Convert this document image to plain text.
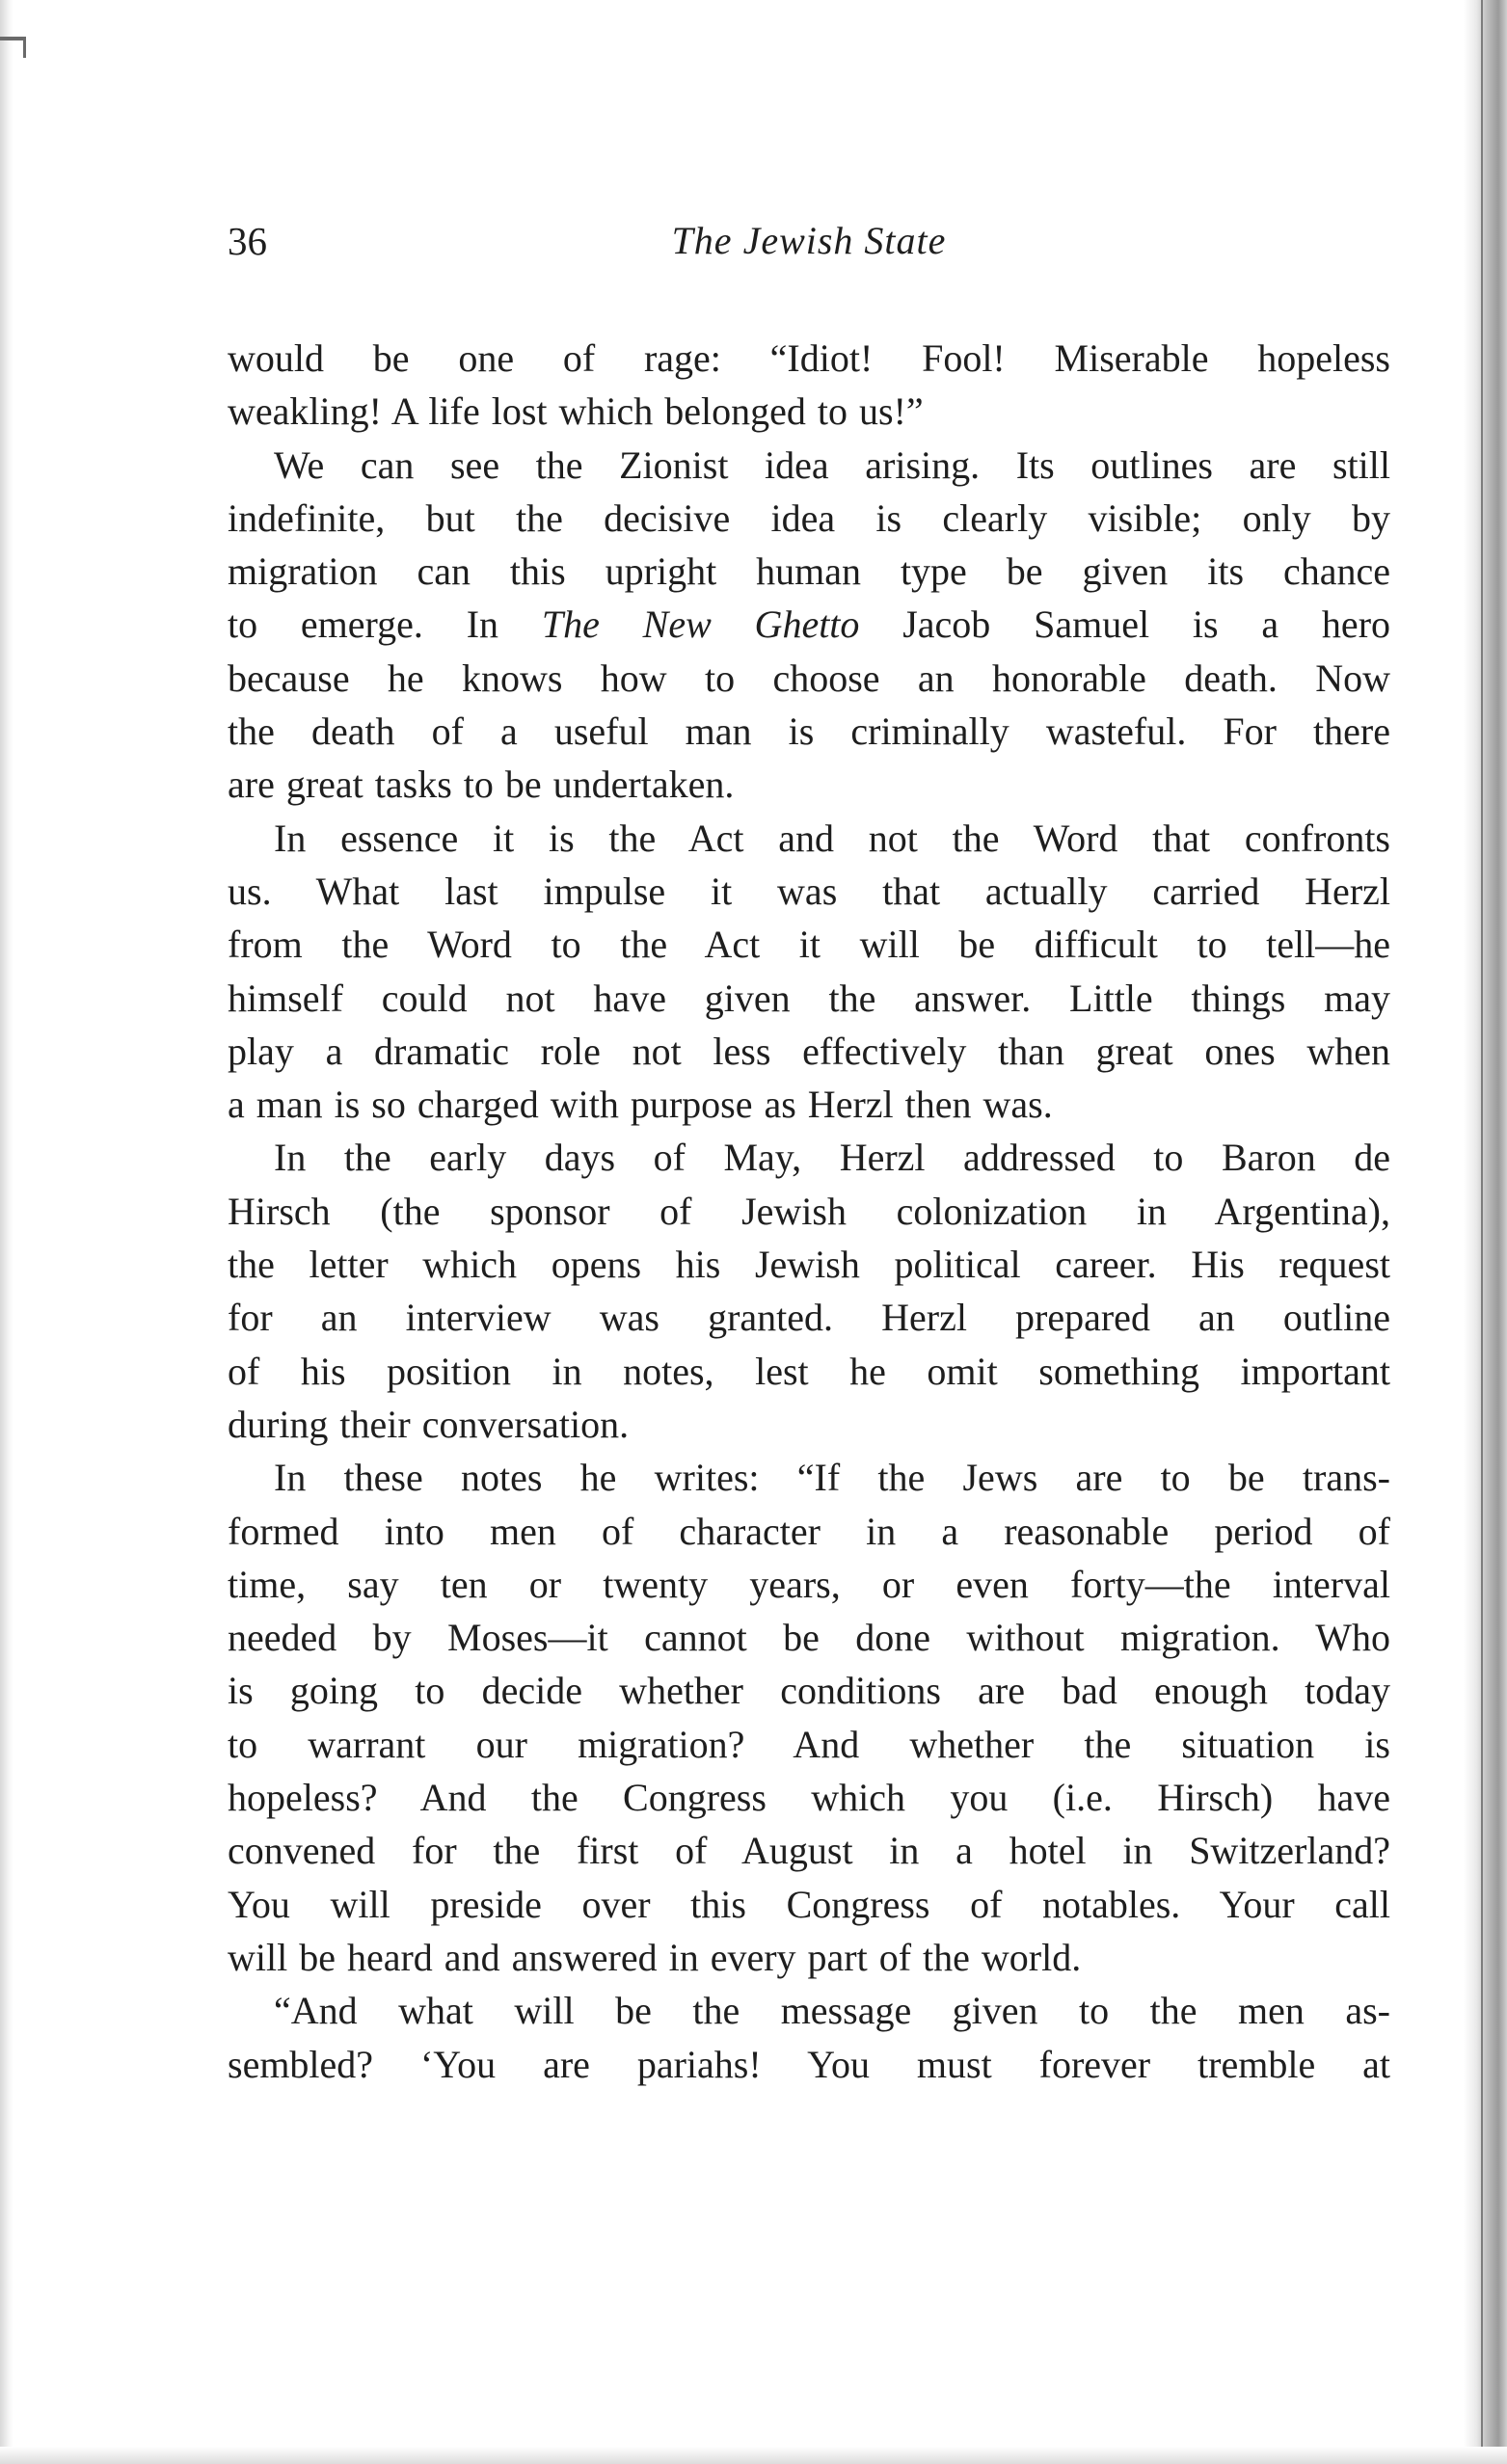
36	The Jewish State
would be one of rage: “Idiot! Fool! Miserable hopeless
weakling! A life lost which belonged to us!”
We can see the Zionist idea arising. Its outlines are still
indefinite, but the decisive idea is clearly visible; only by
migration can this upright human type be given its chance
to emerge. In The New Ghetto Jacob Samuel is a hero
because he knows how to choose an honorable death. Now
the death of a useful man is criminally wasteful. For there
are great tasks to be undertaken.
In essence it is the Act and not the Word that confronts
us. What last impulse it was that actually carried Herzl
from the Word to the Act it will be difficult to tell—he
himself could not have given the answer. Little things may
play a dramatic role not less effectively than great ones when
a man is so charged with purpose as Herzl then was.
In the early days of May, Herzl addressed to Baron de
Hirsch (the sponsor of Jewish colonization in Argentina),
the letter which opens his Jewish political career. His request
for an interview was granted. Herzl prepared an outline
of his position in notes, lest he omit something important
during their conversation.
In these notes he writes: “If the Jews are to be trans-
formed into men of character in a reasonable period of
time, say ten or twenty years, or even forty—the interval
needed by Moses—it cannot be done without migration. Who
is going to decide whether conditions are bad enough today
to warrant our migration? And whether the situation is
hopeless? And the Congress which you (i.e. Hirsch) have
convened for the first of August in a hotel in Switzerland?
You will preside over this Congress of notables. Your call
will be heard and answered in every part of the world.
“And what will be the message given to the men as-
sembled? ‘You are pariahs! You must forever tremble at
